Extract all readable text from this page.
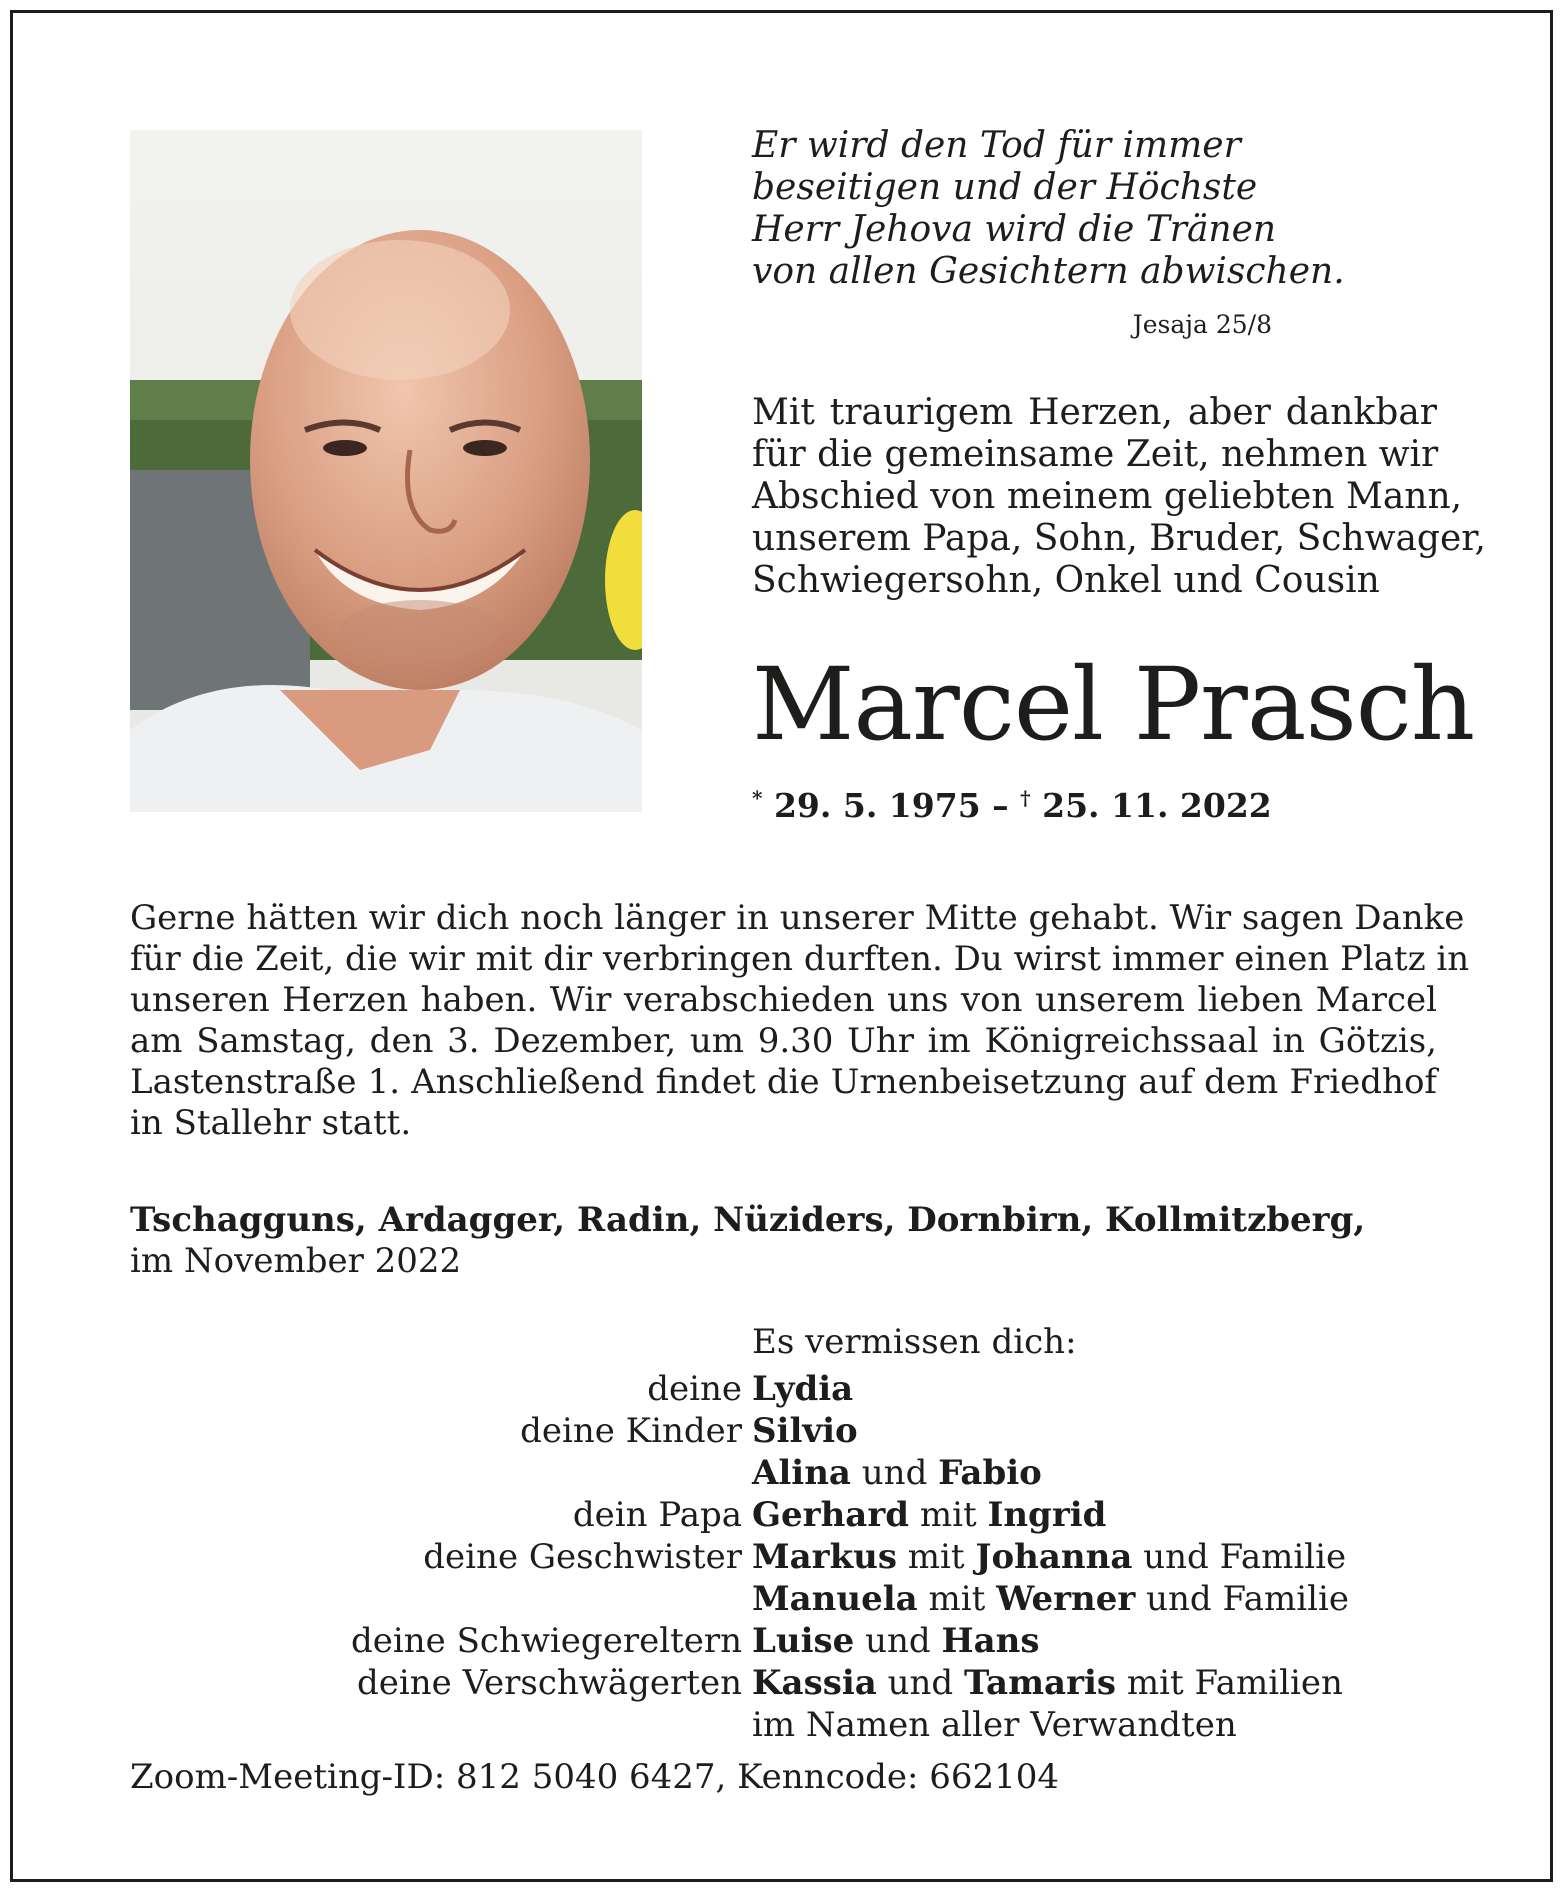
Er wird den Tod für immer
beseitigen und der Höchste
Herr Jehova wird die Tränen
von allen Gesichtern abwischen.
Jesaja 25/8
Mit traurigem Herzen, aber dankbar
für die gemeinsame Zeit, nehmen wir
Abschied von meinem geliebten Mann,
unserem Papa, Sohn, Bruder, Schwager,
Schwiegersohn, Onkel und Cousin
Marcel Prasch
* 29. 5. 1975 – † 25. 11. 2022
Gerne hätten wir dich noch länger in unserer Mitte gehabt. Wir sagen Danke
für die Zeit, die wir mit dir verbringen durften. Du wirst immer einen Platz in
unseren Herzen haben. Wir verabschieden uns von unserem lieben Marcel
am Samstag, den 3. Dezember, um 9.30 Uhr im Königreichssaal in Götzis,
Lastenstraße 1. Anschließend findet die Urnenbeisetzung auf dem Friedhof
in Stallehr statt.
Tschagguns, Ardagger, Radin, Nüziders, Dornbirn, Kollmitzberg,
im November 2022
Es vermissen dich:
deine Lydia
deine Kinder Silvio
Alina und Fabio
dein Papa Gerhard mit Ingrid
deine Geschwister Markus mit Johanna und Familie
Manuela mit Werner und Familie
deine Schwiegereltern Luise und Hans
deine Verschwägerten Kassia und Tamaris mit Familien
im Namen aller Verwandten
Zoom-Meeting-ID: 812 5040 6427, Kenncode: 662104
